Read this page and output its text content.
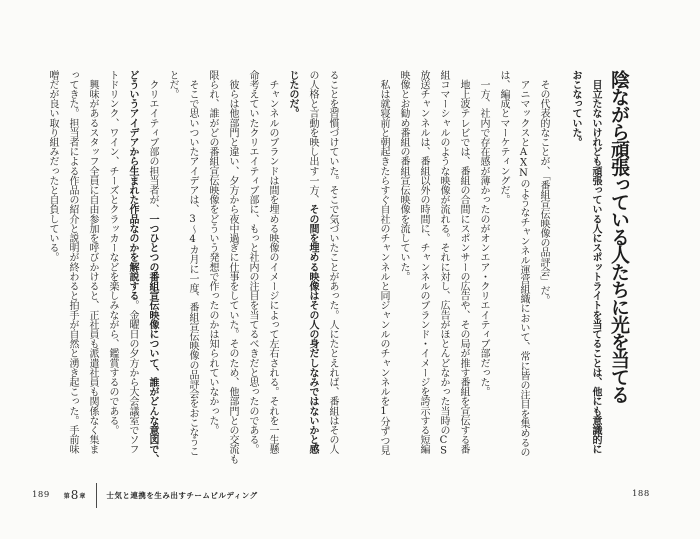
陰ながら頑張っている人たちに光を当てる
　目立たないけれども頑張っている人にスポットライトを当てることは、他にも意識的に
おこなっていた。
　その代表的なことが、「番組宣伝映像の品評会」だ。
　アニマックスとAXNのようなチャンネル運営組織において、常に皆の注目を集めるの
は、編成とマーケティングだ。
　一方、社内で存在感が薄かったのがオンエア・クリエイティブ部だった。
　地上波テレビでは、番組の合間にスポンサーの広告や、その局が推す番組を宣伝する番
組コマーシャルのような映像が流れる。それに対し、広告がほとんどなかった当時のCS
放送チャンネルは、番組以外の時間に、チャンネルのブランド・イメージを誇示する短編
映像とお勧め番組の番組宣伝映像を流していた。
　私は就寝前と朝起きたらすぐ自社のチャンネルと同ジャンルのチャンネルを1分ずつ見
188
ることを習慣づけていた。そこで気づいたことがあった。人にたとえれば、番組はその人
の人格と言動を映し出す一方、その間を埋める映像はその人の身だしなみではないかと感
じたのだ。
　チャンネルのブランドは間を埋める映像のイメージによって左右される。それを一生懸
命考えていたクリエイティブ部に、もっと社内の注目を当てるべきだと思ったのである。
　彼らは他部門と違い、夕方から夜中過ぎに仕事をしていた。そのため、他部門との交流も
限られ、誰がどの番組宣伝映像をどういう発想で作ったのかは知られていなかった。
　そこで思いついたアイデアは、3〜4カ月に一度、番組宣伝映像の品評会をおこなうこ
とだ。
　クリエイティブ部の担当者が、一つひとつの番組宣伝映像について、誰がどんな意図で、
どういうアイデアから生まれた作品なのかを解説する。金曜日の夕方から大会議室でソフ
トドリンク、ワイン、チーズとクラッカーなどを楽しみながら、鑑賞するのである。
　興味があるスタッフ全員に自由参加を呼びかけると、正社員も派遣社員も関係なく集ま
ってきた。担当者による作品の紹介と説明が終わると拍手が自然と湧き起こった。手前味
噌だが良い取り組みだったと自負している。
189 第 8 章	士気と連携を生み出すチームビルディング
